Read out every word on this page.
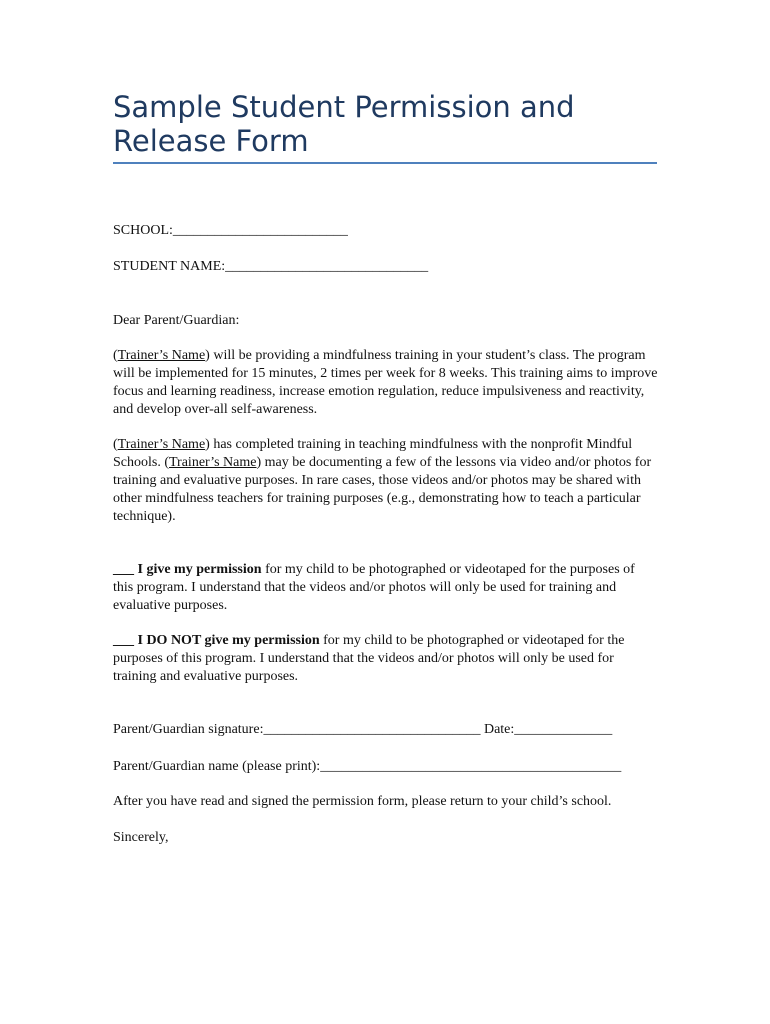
Sample Student Permission and
Release Form

SCHOOL:_________________________

STUDENT NAME:_____________________________

Dear Parent/Guardian:

(Trainer’s Name) will be providing a mindfulness training in your student’s class. The program will be implemented for 15 minutes, 2 times per week for 8 weeks. This training aims to improve focus and learning readiness, increase emotion regulation, reduce impulsiveness and reactivity, and develop over-all self-awareness.

(Trainer’s Name) has completed training in teaching mindfulness with the nonprofit Mindful Schools. (Trainer’s Name) may be documenting a few of the lessons via video and/or photos for training and evaluative purposes. In rare cases, those videos and/or photos may be shared with other mindfulness teachers for training purposes (e.g., demonstrating how to teach a particular technique).

___ I give my permission for my child to be photographed or videotaped for the purposes of this program. I understand that the videos and/or photos will only be used for training and evaluative purposes.

___ I DO NOT give my permission for my child to be photographed or videotaped for the purposes of this program. I understand that the videos and/or photos will only be used for training and evaluative purposes.

Parent/Guardian signature:_______________________________ Date:______________

Parent/Guardian name (please print):___________________________________________

After you have read and signed the permission form, please return to your child’s school.

Sincerely,
